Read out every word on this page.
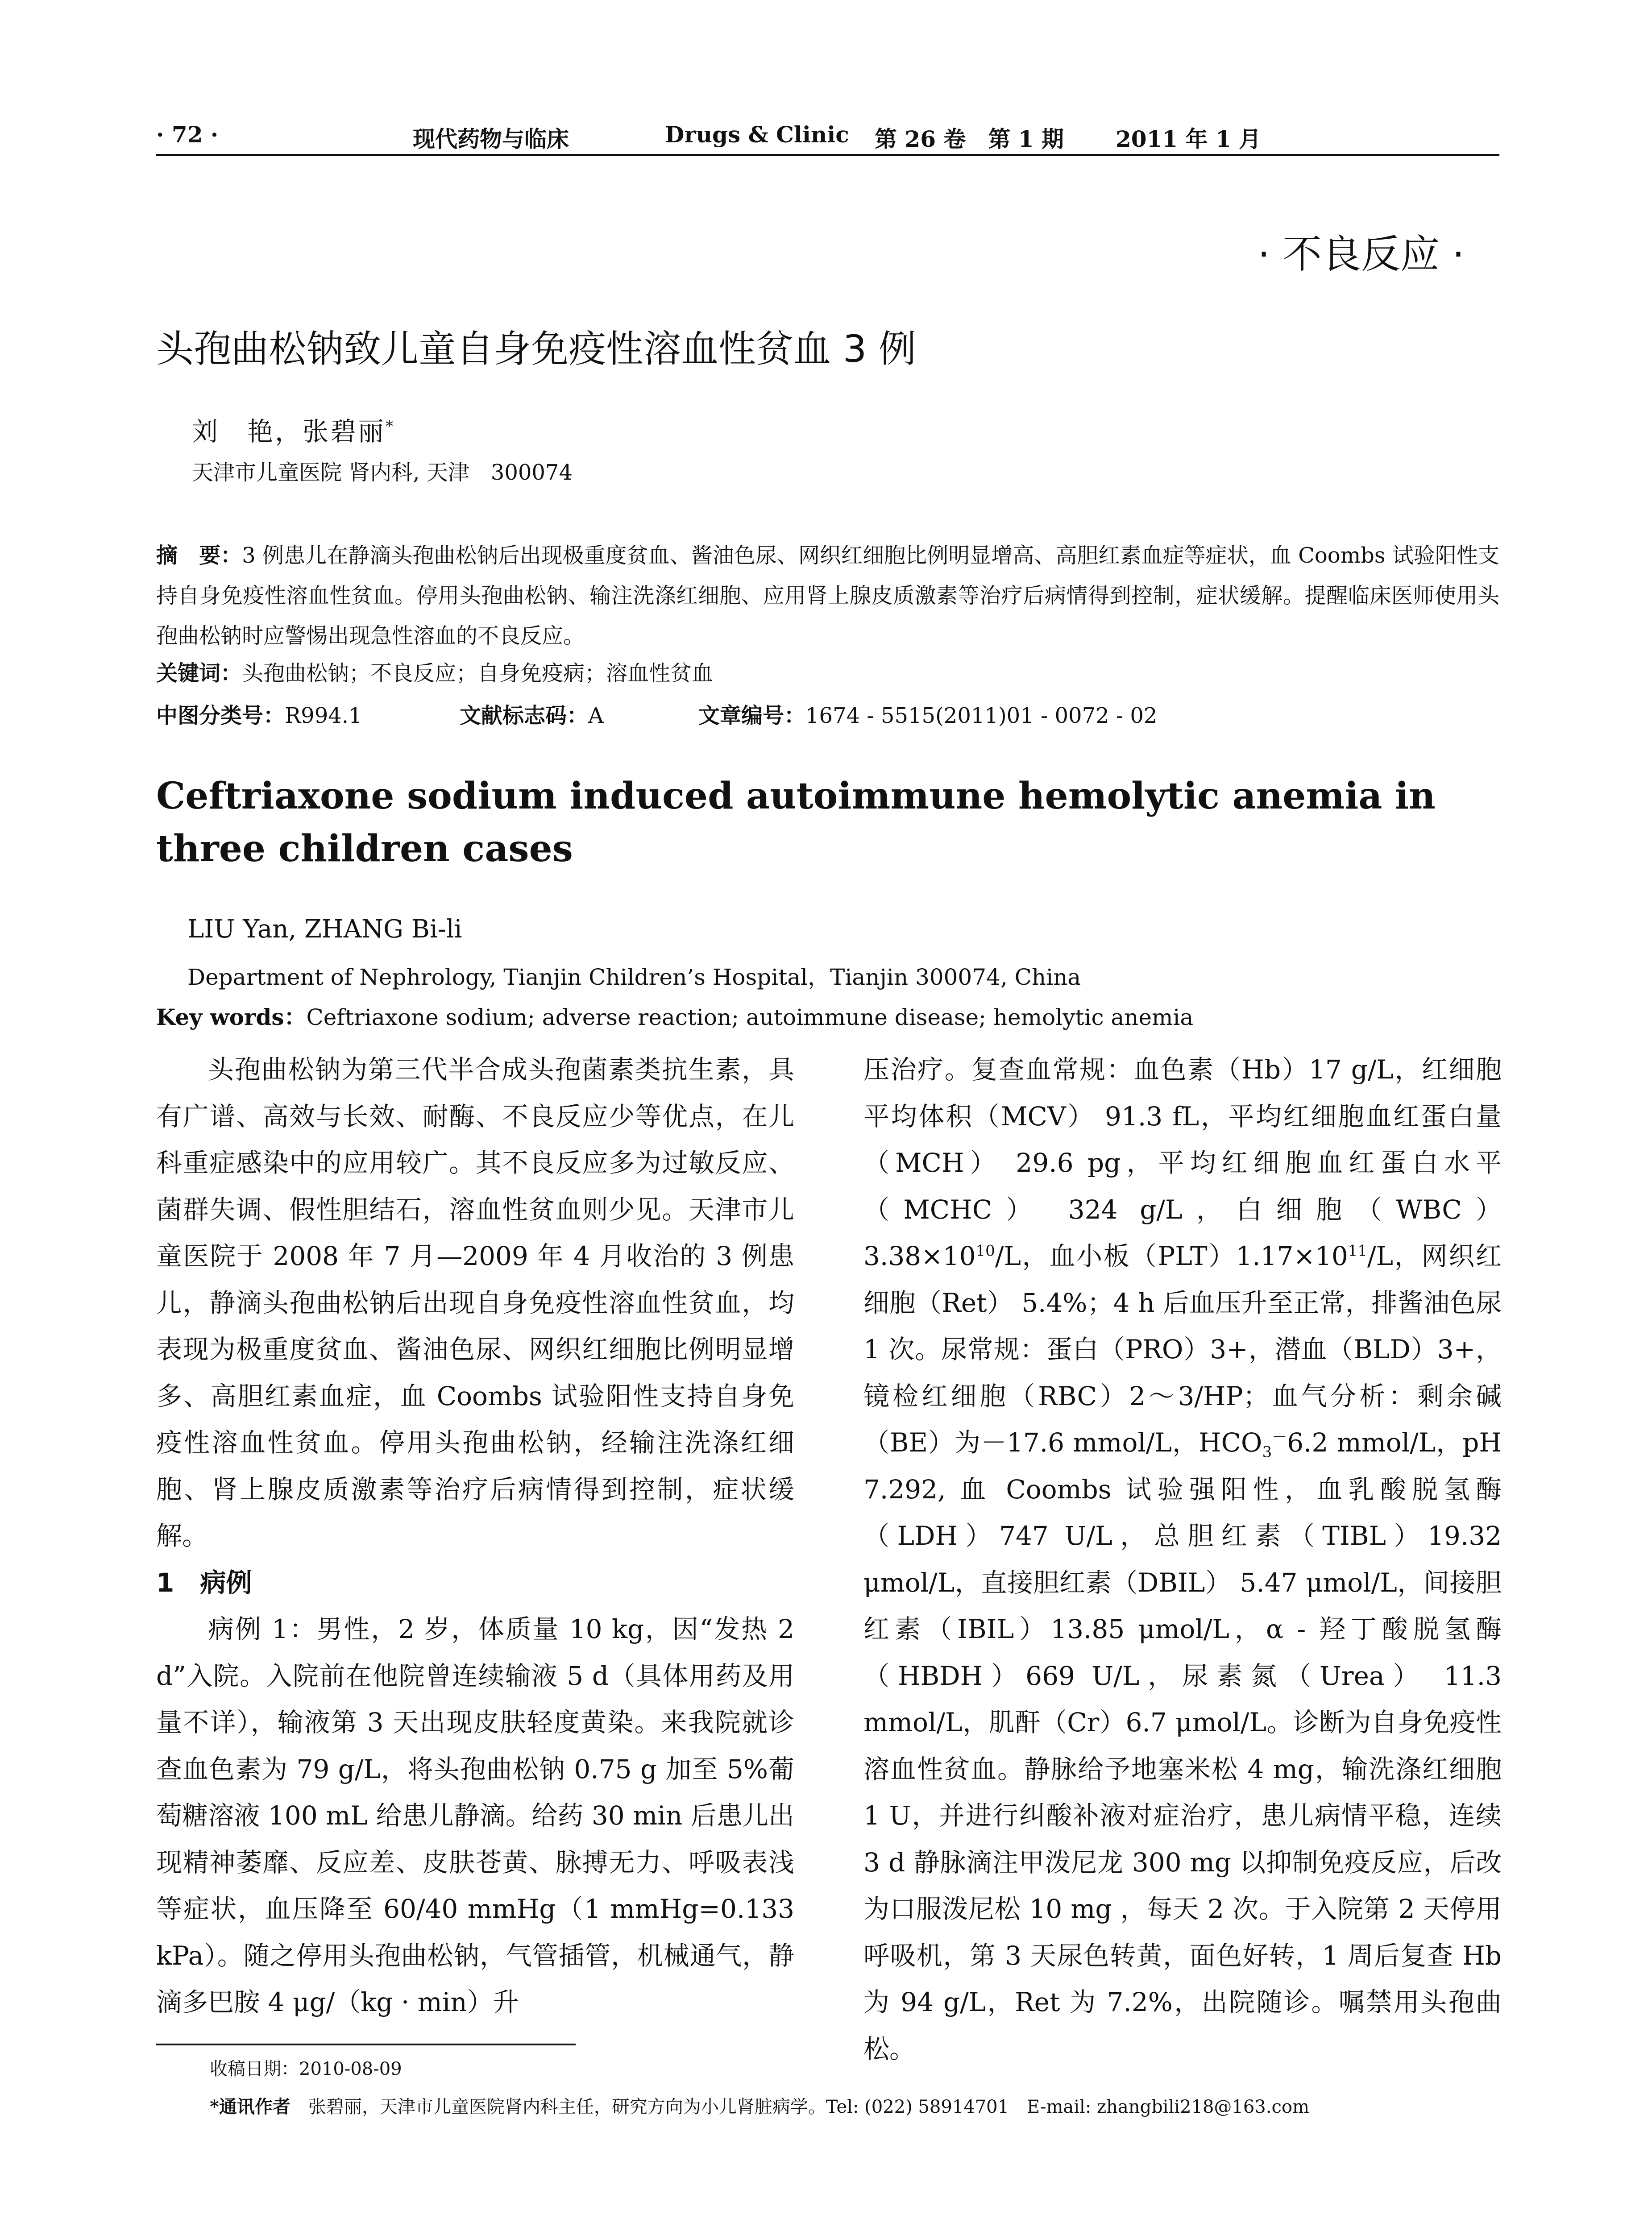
· 72 ·	现代药物与临床	Drugs & Clinic 第 26 卷　第 1 期 2011 年 1 月
· 不良反应 ·
头孢曲松钠致儿童自身免疫性溶血性贫血 3 例
刘　艳，张碧丽*
天津市儿童医院 肾内科, 天津　300074
摘　要：3 例患儿在静滴头孢曲松钠后出现极重度贫血、酱油色尿、网织红细胞比例明显增高、高胆红素血症等症状，血 Coombs 试验阳性支持自身免疫性溶血性贫血。停用头孢曲松钠、输注洗涤红细胞、应用肾上腺皮质激素等治疗后病情得到控制，症状缓解。提醒临床医师使用头孢曲松钠时应警惕出现急性溶血的不良反应。
关键词：头孢曲松钠；不良反应；自身免疫病；溶血性贫血
中图分类号：R994.1	文献标志码：A	文章编号：1674 - 5515(2011)01 - 0072 - 02
Ceftriaxone sodium induced autoimmune hemolytic anemia in three children cases
LIU Yan, ZHANG Bi-li
Department of Nephrology, Tianjin Children’s Hospital，Tianjin 300074, China
Key words：Ceftriaxone sodium; adverse reaction; autoimmune disease; hemolytic anemia

头孢曲松钠为第三代半合成头孢菌素类抗生素，具有广谱、高效与长效、耐酶、不良反应少等优点，在儿科重症感染中的应用较广。其不良反应多为过敏反应、菌群失调、假性胆结石，溶血性贫血则少见。天津市儿童医院于 2008 年 7 月—2009 年 4 月收治的 3 例患儿，静滴头孢曲松钠后出现自身免疫性溶血性贫血，均表现为极重度贫血、酱油色尿、网织红细胞比例明显增多、高胆红素血症，血 Coombs 试验阳性支持自身免疫性溶血性贫血。停用头孢曲松钠，经输注洗涤红细胞、肾上腺皮质激素等治疗后病情得到控制，症状缓解。

1　病例

病例 1：男性，2 岁，体质量 10 kg，因“发热 2 d”入院。入院前在他院曾连续输液 5 d（具体用药及用量不详），输液第 3 天出现皮肤轻度黄染。来我院就诊查血色素为 79 g/L，将头孢曲松钠 0.75 g 加至 5%葡萄糖溶液 100 mL 给患儿静滴。给药 30 min 后患儿出现精神萎靡、反应差、皮肤苍黄、脉搏无力、呼吸表浅等症状，血压降至 60/40 mmHg（1 mmHg=0.133 kPa）。随之停用头孢曲松钠，气管插管，机械通气，静滴多巴胺 4 μg/（kg · min）升

压治疗。复查血常规：血色素（Hb）17 g/L，红细胞平均体积（MCV） 91.3 fL，平均红细胞血红蛋白量（MCH） 29.6 pg，平均红细胞血红蛋白水平（MCHC） 324 g/L，白细胞（WBC） $3.38\times 10^{10}/L$，血小板$(PLT)1.17\times 10^{11}/L$，网织红细胞（Ret） 5.4%；4 h 后血压升至正常，排酱油色尿 1 次。尿常规：蛋白（PRO）3+，潜血（BLD）3+，镜检红细胞（RBC）2～3/HP；血气分析：剩余碱（BE）为－17.6 mmol/L，$HCO_3^-6.2$ mmol/L，pH 7.292, 血 Coombs 试验强阳性，血乳酸脱氢酶（LDH）747 U/L，总胆红素（TIBL）19.32 μmol/L，直接胆红素（DBIL） 5.47 μmol/L，间接胆红素（IBIL）13.85 μmol/L，α - 羟丁酸脱氢酶（HBDH）669 U/L，尿素氮（Urea） 11.3 mmol/L，肌酐（Cr）6.7 μmol/L。诊断为自身免疫性溶血性贫血。静脉给予地塞米松 4 mg，输洗涤红细胞 1 U，并进行纠酸补液对症治疗，患儿病情平稳，连续 3 d 静脉滴注甲泼尼龙 300 mg 以抑制免疫反应，后改为口服泼尼松 10 mg ，每天 2 次。于入院第 2 天停用呼吸机，第 3 天尿色转黄，面色好转，1 周后复查 Hb 为 94 g/L，Ret 为 7.2%，出院随诊。嘱禁用头孢曲松。

收稿日期：2010-08-09
*通讯作者　张碧丽，天津市儿童医院肾内科主任，研究方向为小儿肾脏病学。Tel: (022) 58914701　E-mail: zhangbili218@163.com
